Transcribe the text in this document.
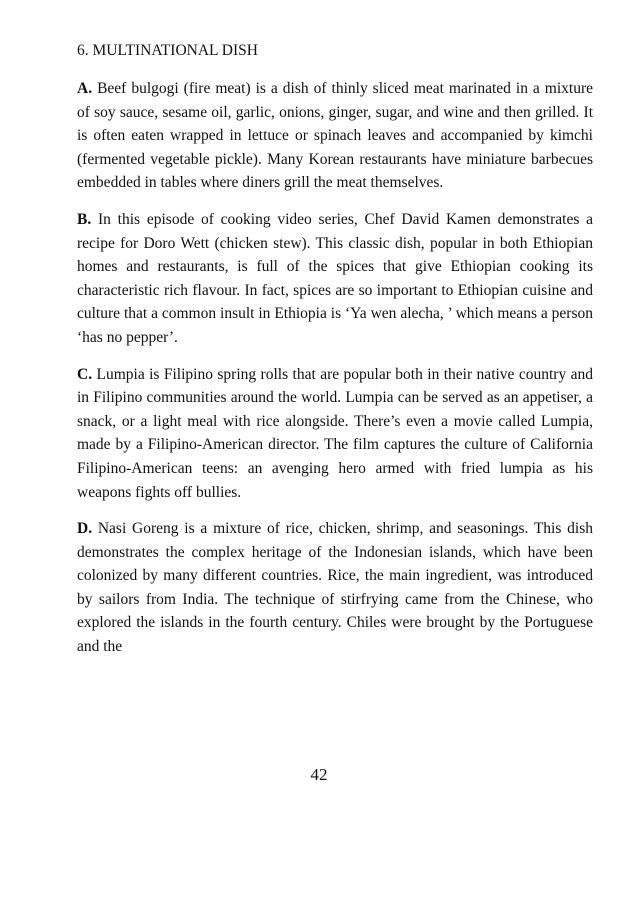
6. MULTINATIONAL DISH

A. Beef bulgogi (fire meat) is a dish of thinly sliced meat marinated in a mixture of soy sauce, sesame oil, garlic, onions, ginger, sugar, and wine and then grilled. It is often eaten wrapped in lettuce or spinach leaves and accompanied by kimchi (fermented vegetable pickle). Many Korean restaurants have miniature barbecues embedded in tables where diners grill the meat themselves.

B. In this episode of cooking video series, Chef David Kamen demonstrates a recipe for Doro Wett (chicken stew). This classic dish, popular in both Ethiopian homes and restaurants, is full of the spices that give Ethiopian cooking its characteristic rich flavour. In fact, spices are so important to Ethiopian cuisine and culture that a common insult in Ethiopia is ‘Ya wen alecha, ’ which means a person ‘has no pepper’.

C. Lumpia is Filipino spring rolls that are popular both in their native country and in Filipino communities around the world. Lumpia can be served as an appetiser, a snack, or a light meal with rice alongside. There’s even a movie called Lumpia, made by a Filipino-American director. The film captures the culture of California Filipino-American teens: an avenging hero armed with fried lumpia as his weapons fights off bullies.

D. Nasi Goreng is a mixture of rice, chicken, shrimp, and seasonings. This dish demonstrates the complex heritage of the Indonesian islands, which have been colonized by many different countries. Rice, the main ingredient, was introduced by sailors from India. The technique of stirfrying came from the Chinese, who explored the islands in the fourth century. Chiles were brought by the Portuguese and the

42
